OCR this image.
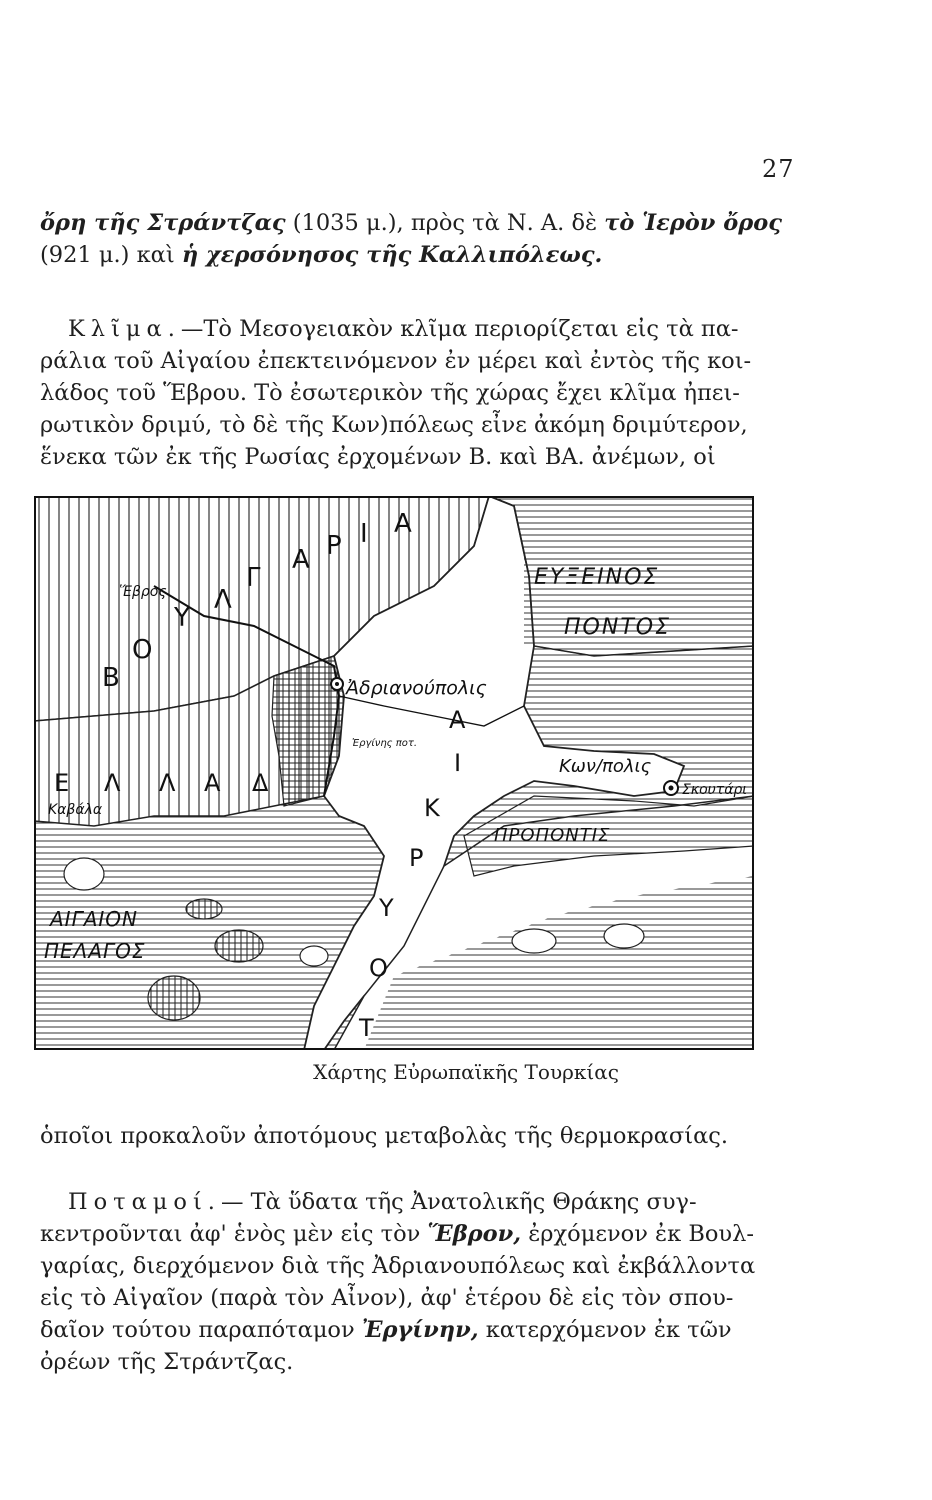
27
ὄρη τῆς Στράντζας (1035 μ.), πρὸς τὰ Ν. Α. δὲ τὸ Ἱερὸν ὄρος
(921 μ.) καὶ ἡ χερσόνησος τῆς Καλλιπόλεως.
Κλῖμα.—Τὸ Μεσογειακὸν κλῖμα περιορίζεται εἰς τὰ πα-
ράλια τοῦ Αἰγαίου ἐπεκτεινόμενον ἐν μέρει καὶ ἐντὸς τῆς κοι-
λάδος τοῦ Ἕβρου. Τὸ ἐσωτερικὸν τῆς χώρας ἔχει κλῖμα ἠπει-
ρωτικὸν δριμύ, τὸ δὲ τῆς Κων)πόλεως εἶνε ἀκόμη δριμύτερον,
ἕνεκα τῶν ἐκ τῆς Ρωσίας ἐρχομένων Β. καὶ ΒΑ. ἀνέμων, οἱ
Β
Ο
Υ
Λ
Γ
Α Ρ Ι Α
Ε Λ Λ Α Δ
Α
Ι
Κ
Ρ
Υ
Ο
Τ
Ἕβρος
ΕΥΞΕΙΝΟΣ
ΠΟΝΤΟΣ
Ἀδριανούπολις
Ἐργίνης ποτ.
Κων/πολις
Σκουτάρι
ΠΡΟΠΟΝΤΙΣ
ΑΙΓΑΙΟΝ
ΠΕΛΑΓΟΣ
Καβάλα
Χάρτης Εὐρωπαϊκῆς Τουρκίας
ὁποῖοι προκαλοῦν ἀποτόμους μεταβολὰς τῆς θερμοκρασίας.
Ποταμοί.— Τὰ ὕδατα τῆς Ἀνατολικῆς Θράκης συγ-
κεντροῦνται ἀφ' ἑνὸς μὲν εἰς τὸν Ἕβρον, ἐρχόμενον ἐκ Βουλ-
γαρίας, διερχόμενον διὰ τῆς Ἀδριανουπόλεως καὶ ἐκβάλλοντα
εἰς τὸ Αἰγαῖον (παρὰ τὸν Αἶνον), ἀφ' ἑτέρου δὲ εἰς τὸν σπου-
δαῖον τούτου παραπόταμον Ἐργίνην, κατερχόμενον ἐκ τῶν
ὀρέων τῆς Στράντζας.
